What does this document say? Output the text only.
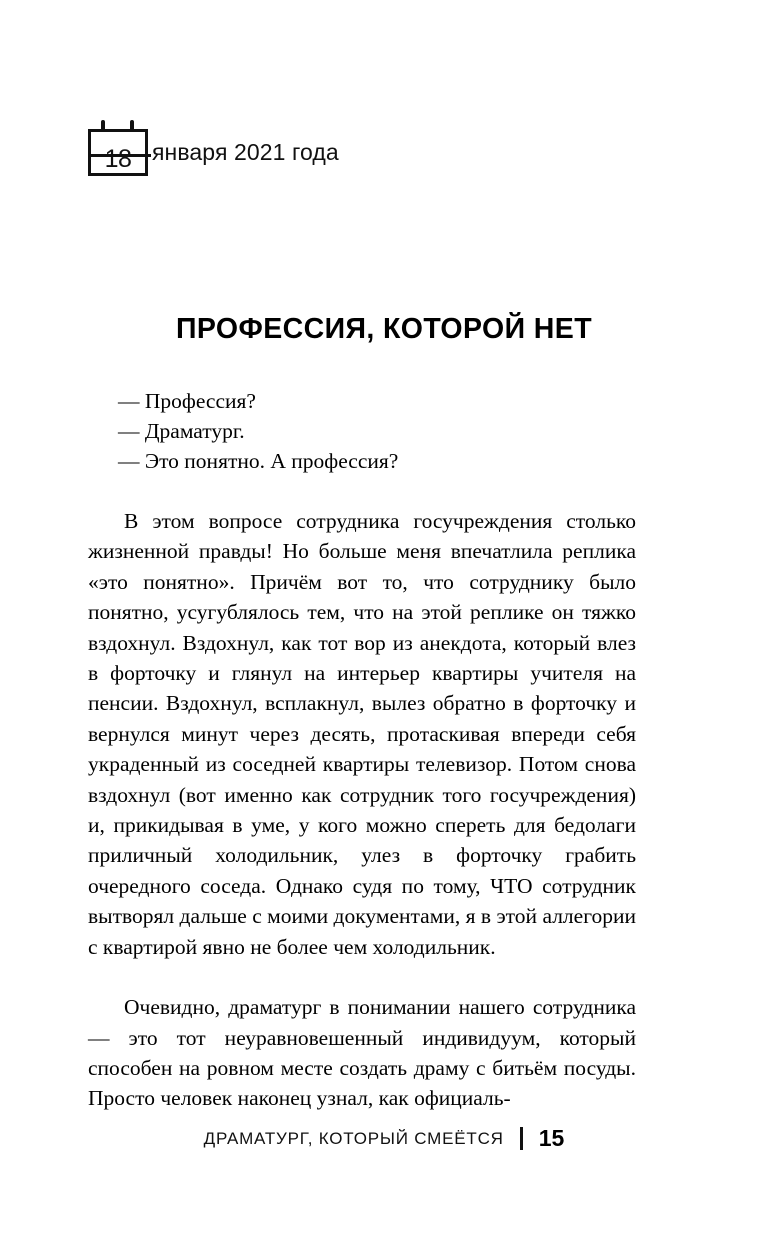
18 января 2021 года
ПРОФЕССИЯ, КОТОРОЙ НЕТ
— Профессия?
— Драматург.
— Это понятно. А профессия?

В этом вопросе сотрудника госучреждения столько жизненной правды! Но больше меня впечатлила реплика «это понятно». Причём вот то, что сотруднику было понятно, усугублялось тем, что на этой реплике он тяжко вздохнул. Вздохнул, как тот вор из анекдота, который влез в форточку и глянул на интерьер квартиры учителя на пенсии. Вздохнул, всплакнул, вылез обратно в форточку и вернулся минут через десять, протаскивая впереди себя украденный из соседней квартиры телевизор. Потом снова вздохнул (вот именно как сотрудник того госучреждения) и, прикидывая в уме, у кого можно спереть для бедолаги приличный холодильник, улез в форточку грабить очередного соседа. Однако судя по тому, ЧТО сотрудник вытворял дальше с моими документами, я в этой аллегории с квартирой явно не более чем холодильник.

Очевидно, драматург в понимании нашего сотрудника — это тот неуравновешенный индивидуум, который способен на ровном месте создать драму с битьём посуды. Просто человек наконец узнал, как официаль-

ДРАМАТУРГ, КОТОРЫЙ СМЕЁТСЯ 15
